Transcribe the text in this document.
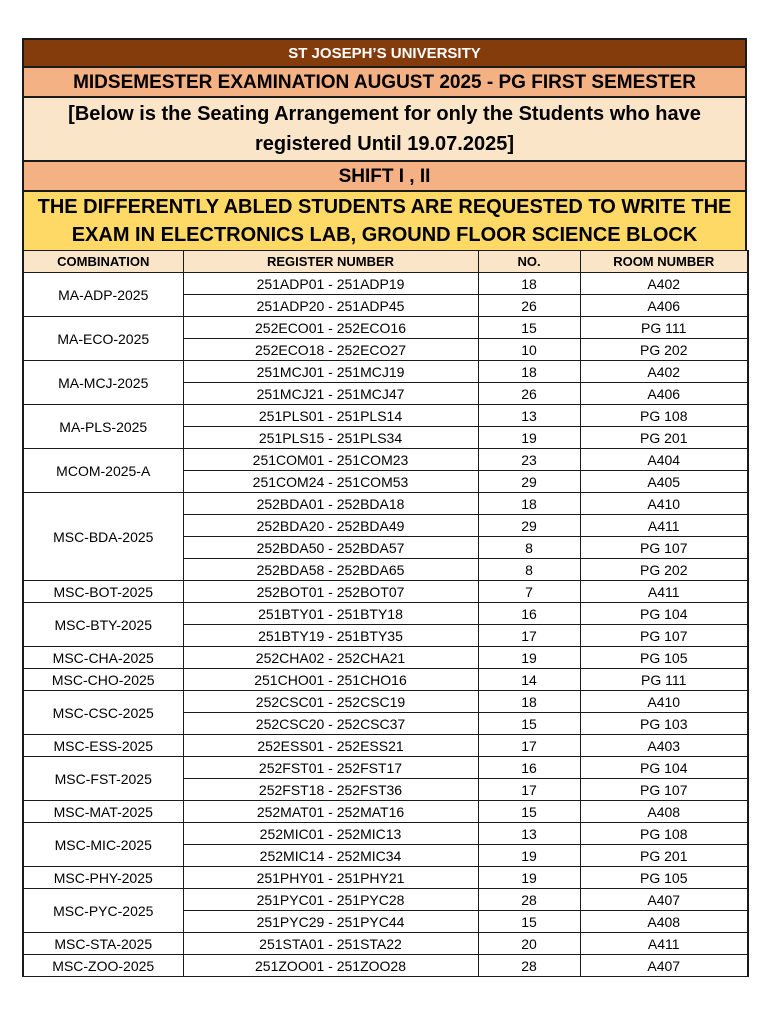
ST JOSEPH’S UNIVERSITY
MIDSEMESTER EXAMINATION AUGUST 2025 - PG FIRST SEMESTER
[Below is the Seating Arrangement for only the Students who have registered Until 19.07.2025]
SHIFT I , II
THE DIFFERENTLY ABLED STUDENTS ARE REQUESTED TO WRITE THE EXAM IN ELECTRONICS LAB, GROUND FLOOR SCIENCE BLOCK
COMBINATION	REGISTER NUMBER	NO.	ROOM NUMBER
MA-ADP-2025	251ADP01 - 251ADP19	18	A402
	251ADP20 - 251ADP45	26	A406
MA-ECO-2025	252ECO01 - 252ECO16	15	PG 111
	252ECO18 - 252ECO27	10	PG 202
MA-MCJ-2025	251MCJ01 - 251MCJ19	18	A402
	251MCJ21 - 251MCJ47	26	A406
MA-PLS-2025	251PLS01 - 251PLS14	13	PG 108
	251PLS15 - 251PLS34	19	PG 201
MCOM-2025-A	251COM01 - 251COM23	23	A404
	251COM24 - 251COM53	29	A405
MSC-BDA-2025	252BDA01 - 252BDA18	18	A410
	252BDA20 - 252BDA49	29	A411
	252BDA50 - 252BDA57	8	PG 107
	252BDA58 - 252BDA65	8	PG 202
MSC-BOT-2025	252BOT01 - 252BOT07	7	A411
MSC-BTY-2025	251BTY01 - 251BTY18	16	PG 104
	251BTY19 - 251BTY35	17	PG 107
MSC-CHA-2025	252CHA02 - 252CHA21	19	PG 105
MSC-CHO-2025	251CHO01 - 251CHO16	14	PG 111
MSC-CSC-2025	252CSC01 - 252CSC19	18	A410
	252CSC20 - 252CSC37	15	PG 103
MSC-ESS-2025	252ESS01 - 252ESS21	17	A403
MSC-FST-2025	252FST01 - 252FST17	16	PG 104
	252FST18 - 252FST36	17	PG 107
MSC-MAT-2025	252MAT01 - 252MAT16	15	A408
MSC-MIC-2025	252MIC01 - 252MIC13	13	PG 108
	252MIC14 - 252MIC34	19	PG 201
MSC-PHY-2025	251PHY01 - 251PHY21	19	PG 105
MSC-PYC-2025	251PYC01 - 251PYC28	28	A407
	251PYC29 - 251PYC44	15	A408
MSC-STA-2025	251STA01 - 251STA22	20	A411
MSC-ZOO-2025	251ZOO01 - 251ZOO28	28	A407
